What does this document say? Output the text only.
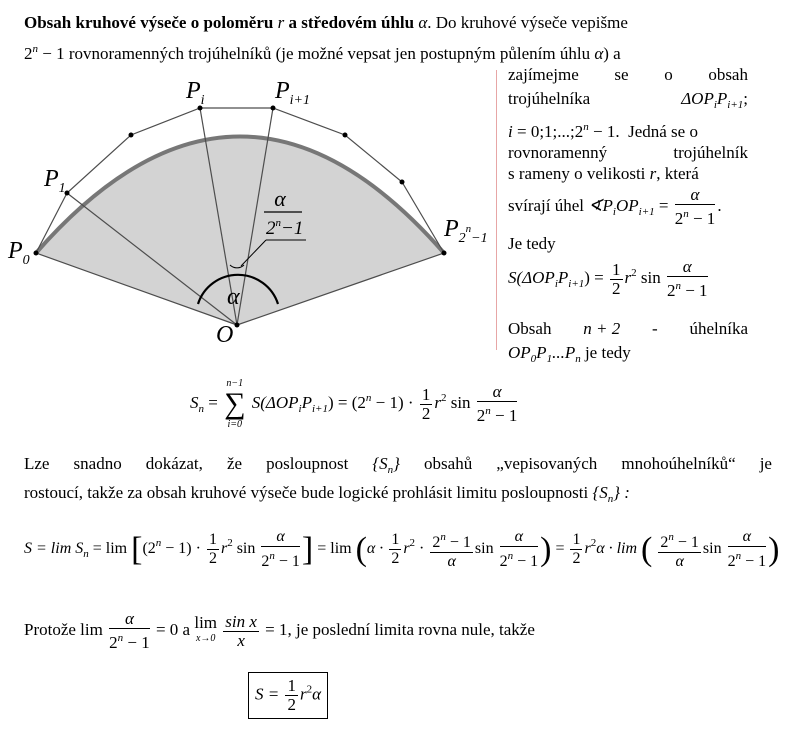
Obsah kruhové výseče o poloměru r a středovém úhlu α. Do kruhové výseče vepišme
$2^n - 1$ rovnoramenných trojúhelníků (je možné vepsat jen postupným půlením úhlu α) a
$P_0$
$P_1$
$P_i$	$P_{i+1}$
$P_2^n_{-1}$
O
α
α
$2^n-1$
zajímejme se o obsah
trojúhelníka	$\Delta OP_iP_{i+1}$;
$i = 0;1;...;2^n - 1$. Jedná se o
rovnoramenný	trojúhelník
s rameny o velikosti r, která
svírají úhel $∢P_iOP_{i+1} = \frac{\alpha}{2^n - 1}$ .
Je tedy
$S(\Delta OP_iP_{i+1}) = \frac{1}{2} r^2$ $\sin \frac{\alpha}{2^n - 1}$
Obsah n + 2 - úhelníka
$OP_0P_1...P_n$ je tedy
$S_n$ =
n−1
∑
i=0
$S(\Delta OP_iP_{i+1}) = (2^n - 1) \cdot \frac{1}{2} r^2$ $\sin \frac{\alpha}{2^n - 1}$
Lze snadno dokázat, že posloupnost $\{S_n\}$ obsahů „vepisovaných mnohoúhelníků“ je
rostoucí, takže za obsah kruhové výseče bude logické prohlásit limitu posloupnosti $\{S_n\}$ :
$S = \lim S_n = \lim [(2^n - 1) \cdot \frac{1}{2} r^2$ $\sin \frac{\alpha}{2^n - 1}$ ] = $\lim (\alpha \cdot \frac{1}{2} r^2 \cdot \frac{2^n - 1}{\alpha}$ $\sin \frac{\alpha}{2^n - 1}$ ) = $\frac{1}{2} r^2\alpha \cdot \lim$ ( $\frac{2^n - 1}{\alpha}$ $\sin \frac{\alpha}{2^n - 1}$ )
Protože $\lim \frac{\alpha}{2^n - 1} = 0$ a lim
x→0
$\frac{\text{sin x}}{x} = 1$, je poslední limita rovna nule, takže
$S = \frac{1}{2} r^2\alpha$
